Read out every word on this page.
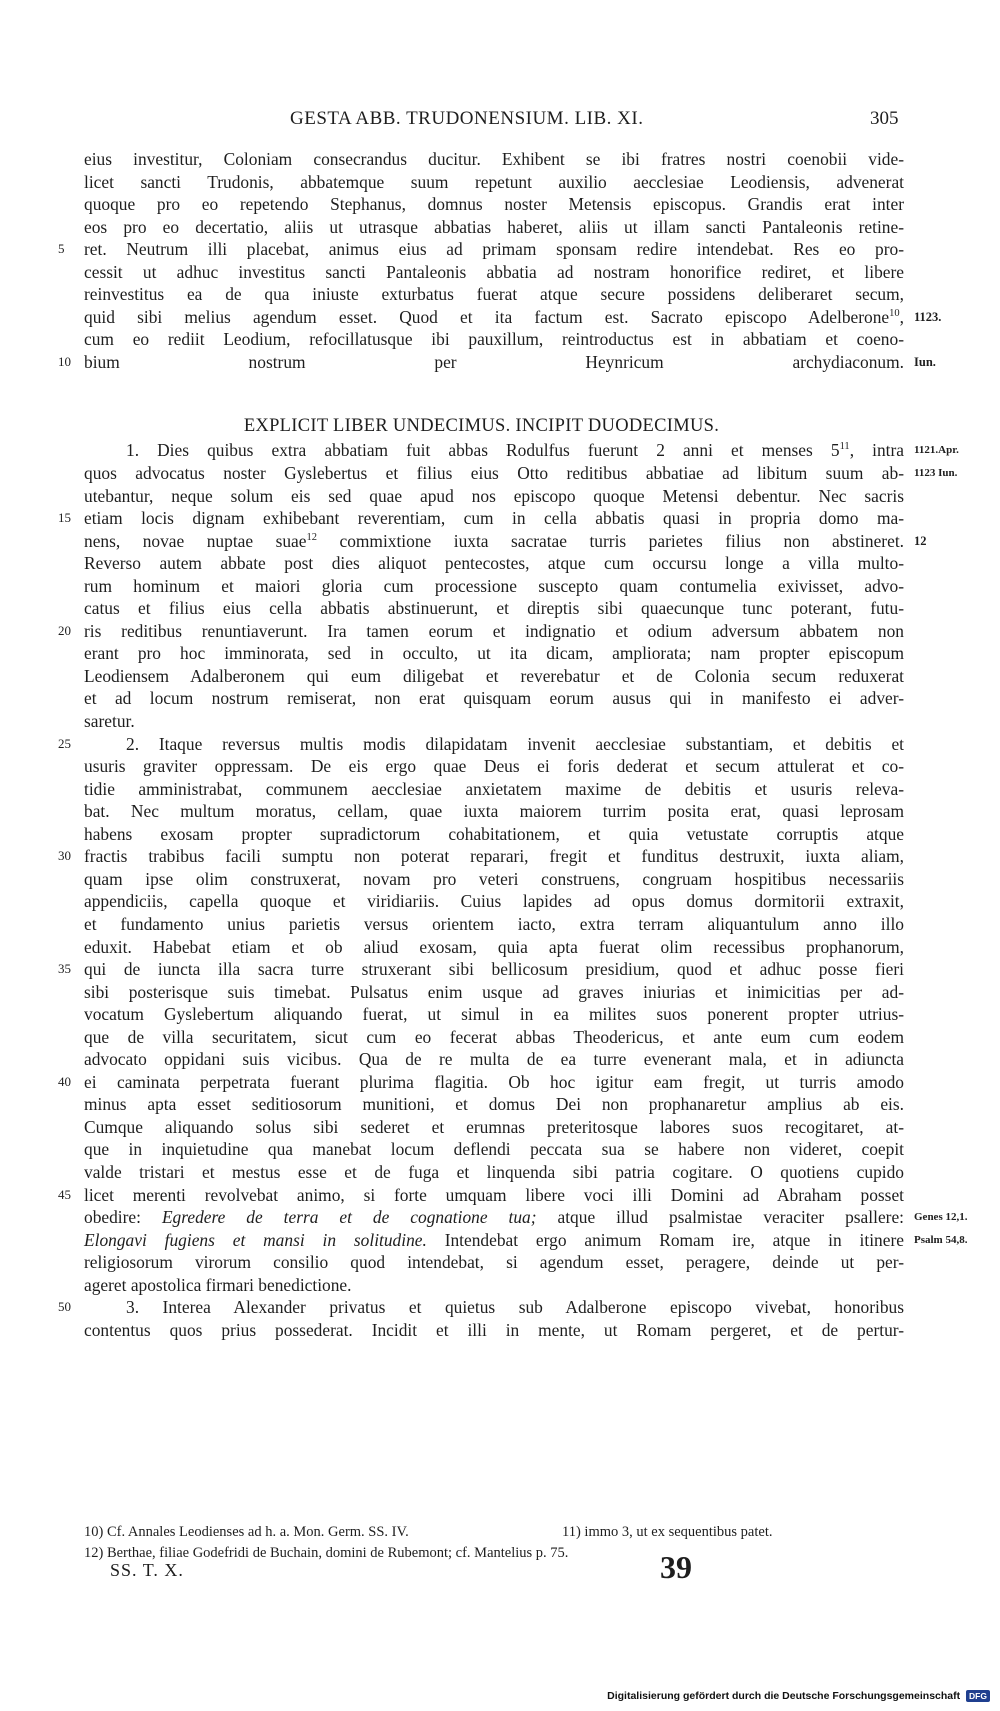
GESTA ABB. TRUDONENSIUM. LIB. XI.	305
eius investitur, Coloniam consecrandus ducitur. Exhibent se ibi fratres nostri coenobii vide-
licet sancti Trudonis, abbatemque suum repetunt auxilio aecclesiae Leodiensis, advenerat
quoque pro eo repetendo Stephanus, domnus noster Metensis episcopus. Grandis erat inter
eos pro eo decertatio, aliis ut utrasque abbatias haberet, aliis ut illam sancti Pantaleonis retine-
5	ret. Neutrum illi placebat, animus eius ad primam sponsam redire intendebat. Res eo pro-
cessit ut adhuc investitus sancti Pantaleonis abbatia ad nostram honorifice rediret, et libere
reinvestitus ea de qua iniuste exturbatus fuerat atque secure possidens deliberaret secum,
quid sibi melius agendum esset. Quod et ita factum est. Sacrato episcopo Adelberone$^{10}$, 1123.
cum eo rediit Leodium, refocillatusque ibi pauxillum, reintroductus est in abbatiam et coeno-
10 bium nostrum per Heynricum archydiaconum. Iun.
EXPLICIT LIBER UNDECIMUS. INCIPIT DUODECIMUS.
1. Dies quibus extra abbatiam fuit abbas Rodulfus fuerunt 2 anni et menses $5^{11}$, intra 1121.Apr.
quos advocatus noster Gyslebertus et filius eius Otto reditibus abbatiae ad libitum suum ab- 1123 Iun.
utebantur, neque solum eis sed quae apud nos episcopo quoque Metensi debentur. Nec sacris
15 etiam locis dignam exhibebant reverentiam, cum in cella abbatis quasi in propria domo ma-
nens, novae nuptae suae$^{12}$ commixtione iuxta sacratae turris parietes filius non abstineret. 12
Reverso autem abbate post dies aliquot pentecostes, atque cum occursu longe a villa multo-
rum hominum et maiori gloria cum processione suscepto quam contumelia exivisset, advo-
catus et filius eius cella abbatis abstinuerunt, et direptis sibi quaecunque tunc poterant, futu-
20 ris reditibus renuntiaverunt. Ira tamen eorum et indignatio et odium adversum abbatem non
erant pro hoc imminorata, sed in occulto, ut ita dicam, ampliorata; nam propter episcopum
Leodiensem Adalberonem qui eum diligebat et reverebatur et de Colonia secum reduxerat
et ad locum nostrum remiserat, non erat quisquam eorum ausus qui in manifesto ei adver-
saretur.
25	2. Itaque reversus multis modis dilapidatam invenit aecclesiae substantiam, et debitis et
usuris graviter oppressam. De eis ergo quae Deus ei foris dederat et secum attulerat et co-
tidie amministrabat, communem aecclesiae anxietatem maxime de debitis et usuris releva-
bat. Nec multum moratus, cellam, quae iuxta maiorem turrim posita erat, quasi leprosam
habens exosam propter supradictorum cohabitationem, et quia vetustate corruptis atque
30 fractis trabibus facili sumptu non poterat reparari, fregit et funditus destruxit, iuxta aliam,
quam ipse olim construxerat, novam pro veteri construens, congruam hospitibus necessariis
appendiciis, capella quoque et viridiariis. Cuius lapides ad opus domus dormitorii extraxit,
et fundamento unius parietis versus orientem iacto, extra terram aliquantulum anno illo
eduxit. Habebat etiam et ob aliud exosam, quia apta fuerat olim recessibus prophanorum,
35 qui de iuncta illa sacra turre struxerant sibi bellicosum presidium, quod et adhuc posse fieri
sibi posterisque suis timebat. Pulsatus enim usque ad graves iniurias et inimicitias per ad-
vocatum Gyslebertum aliquando fuerat, ut simul in ea milites suos ponerent propter utrius-
que de villa securitatem, sicut cum eo fecerat abbas Theodericus, et ante eum cum eodem
advocato oppidani suis vicibus. Qua de re multa de ea turre evenerant mala, et in adiuncta
40 ei caminata perpetrata fuerant plurima flagitia. Ob hoc igitur eam fregit, ut turris amodo
minus apta esset seditiosorum munitioni, et domus Dei non prophanaretur amplius ab eis.
Cumque aliquando solus sibi sederet et erumnas preteritosque labores suos recogitaret, at-
que in inquietudine qua manebat locum deflendi peccata sua se habere non videret, coepit
valde tristari et mestus esse et de fuga et linquenda sibi patria cogitare. O quotiens cupido
45 licet merenti revolvebat animo, si forte umquam libere voci illi Domini ad Abraham posset
obedire: Egredere de terra et de cognatione tua; atque illud psalmistae veraciter psallere: Genes 12,1.
Elongavi fugiens et mansi in solitudine. Intendebat ergo animum Romam ire, atque in itinere Psalm 54,8.
religiosorum virorum consilio quod intendebat, si agendum esset, peragere, deinde ut per-
ageret apostolica firmari benedictione.
50	3. Interea Alexander privatus et quietus sub Adalberone episcopo vivebat, honoribus
contentus quos prius possederat. Incidit et illi in mente, ut Romam pergeret, et de pertur-
10) Cf. Annales Leodienses ad h. a. Mon. Germ. SS. IV.	11) immo 3, ut ex sequentibus patet.
12) Berthae, filiae Godefridi de Buchain, domini de Rubemont; cf. Mantelius p. 75.
SS. T. X.	39
Digitalisierung gefördert durch die Deutsche Forschungsgemeinschaft DFG
